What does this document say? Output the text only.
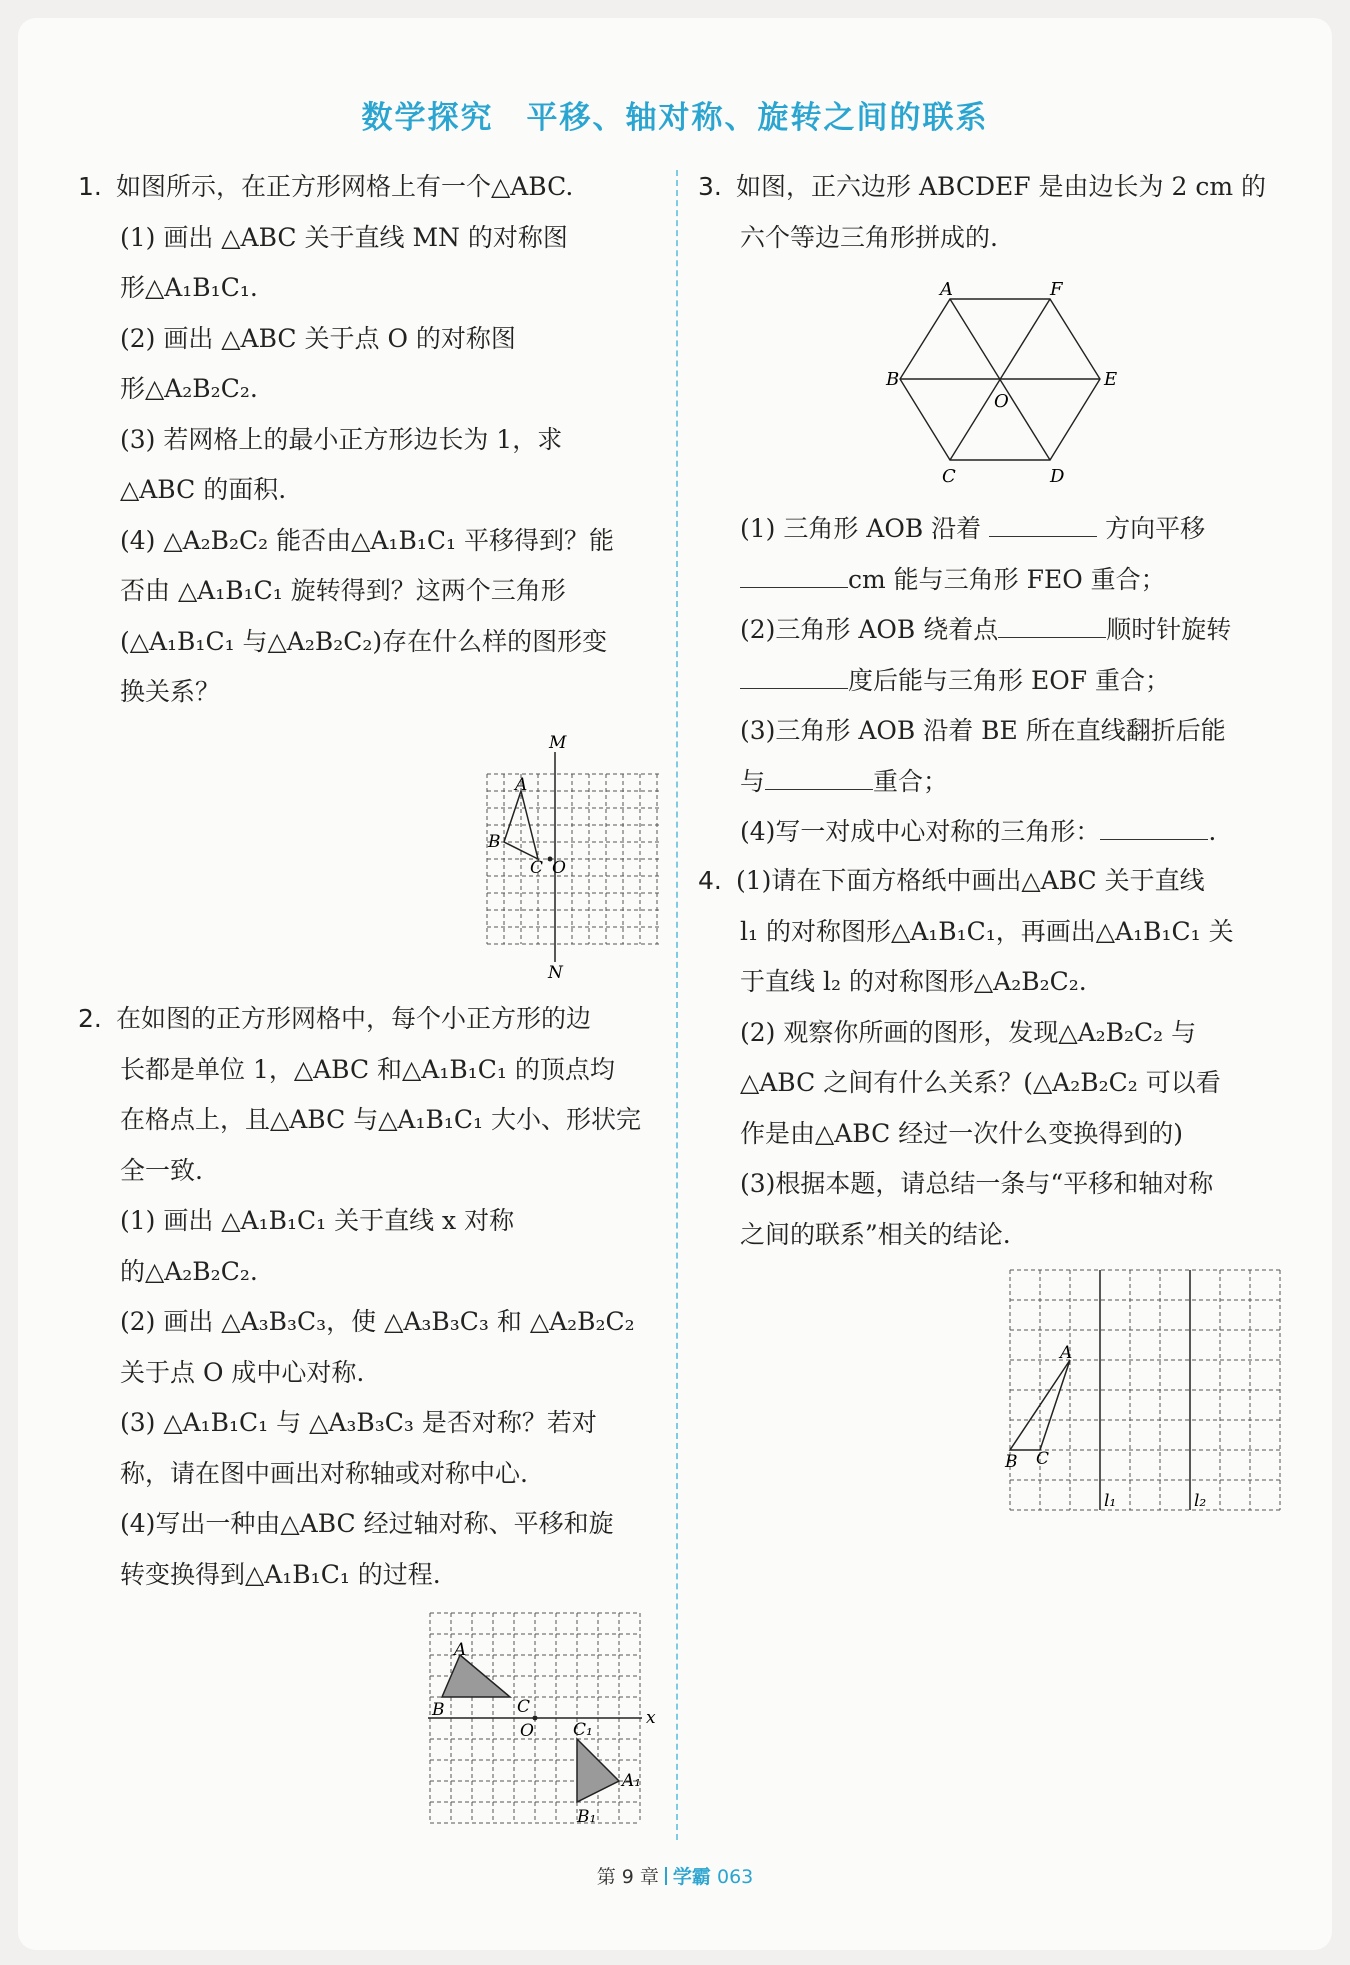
数学探究　平移、轴对称、旋转之间的联系

1. 如图所示，在正方形网格上有一个△ABC.

(1) 画出 △ABC 关于直线 MN 的对称图

形△A₁B₁C₁.

(2) 画出 △ABC 关于点 O 的对称图

形△A₂B₂C₂.

(3) 若网格上的最小正方形边长为 1，求

△ABC 的面积.

(4) △A₂B₂C₂ 能否由△A₁B₁C₁ 平移得到？能

否由 △A₁B₁C₁ 旋转得到？这两个三角形

(△A₁B₁C₁ 与△A₂B₂C₂)存在什么样的图形变

换关系？

M
N
A
B
C O

2. 在如图的正方形网格中，每个小正方形的边

长都是单位 1，△ABC 和△A₁B₁C₁ 的顶点均

在格点上，且△ABC 与△A₁B₁C₁ 大小、形状完

全一致.

(1) 画出 △A₁B₁C₁ 关于直线 x 对称

的△A₂B₂C₂.

(2) 画出 △A₃B₃C₃，使 △A₃B₃C₃ 和 △A₂B₂C₂

关于点 O 成中心对称.

(3) △A₁B₁C₁ 与 △A₃B₃C₃ 是否对称？若对

称，请在图中画出对称轴或对称中心.

(4)写出一种由△ABC 经过轴对称、平移和旋

转变换得到△A₁B₁C₁ 的过程.

A
B	C
O
x
C₁
A₁
B₁

3. 如图，正六边形 ABCDEF 是由边长为 2 cm 的

六个等边三角形拼成的.

A	F
B	E
O
C	D

(1) 三角形 AOB 沿着	方向平移

cm 能与三角形 FEO 重合；

(2)三角形 AOB 绕着点	顺时针旋转

度后能与三角形 EOF 重合；

(3)三角形 AOB 沿着 BE 所在直线翻折后能

与	重合；

(4)写一对成中心对称的三角形：	.

4. (1)请在下面方格纸中画出△ABC 关于直线

l₁ 的对称图形△A₁B₁C₁，再画出△A₁B₁C₁ 关

于直线 l₂ 的对称图形△A₂B₂C₂.

(2) 观察你所画的图形，发现△A₂B₂C₂ 与

△ABC 之间有什么关系？(△A₂B₂C₂ 可以看

作是由△ABC 经过一次什么变换得到的)

(3)根据本题，请总结一条与“平移和轴对称

之间的联系”相关的结论.

A
B C
l₁	l₂
第 9 章 学霸 063
